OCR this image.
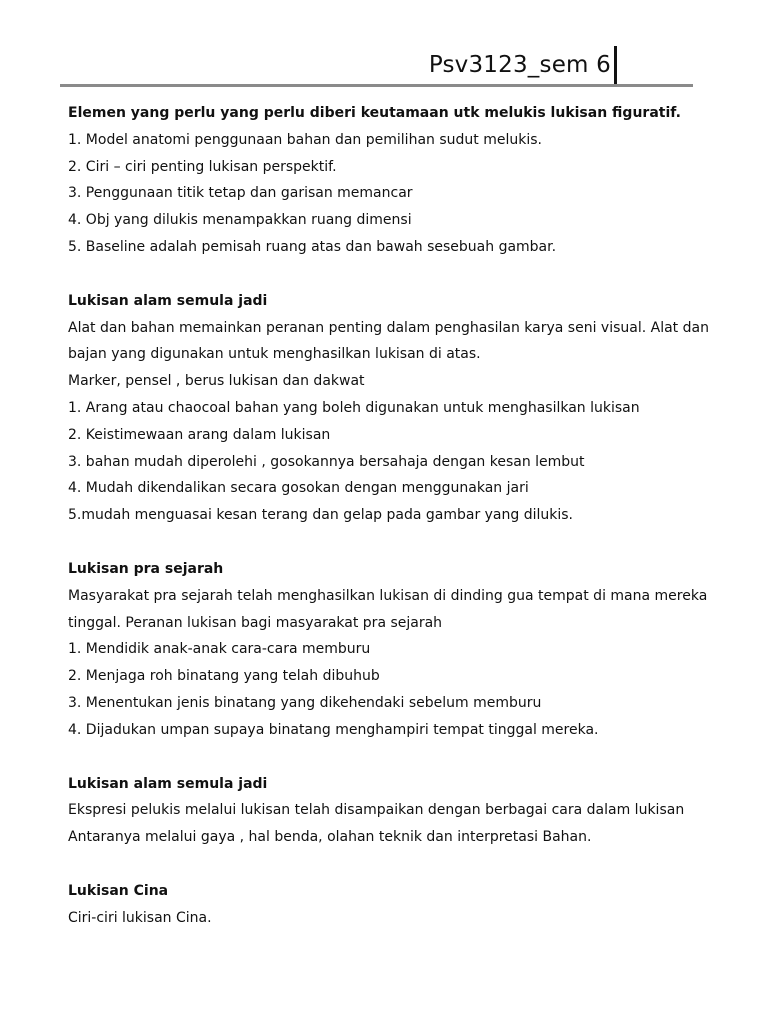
Psv3123_sem 6
Elemen yang perlu yang perlu diberi keutamaan utk melukis lukisan figuratif.
1. Model anatomi penggunaan bahan dan pemilihan sudut melukis.
2. Ciri – ciri penting lukisan perspektif.
3. Penggunaan titik tetap dan garisan memancar
4. Obj yang dilukis menampakkan ruang dimensi
5. Baseline adalah pemisah ruang atas dan bawah sesebuah gambar.
Lukisan alam semula jadi
Alat dan bahan memainkan peranan penting dalam penghasilan karya seni visual. Alat dan
bajan yang digunakan untuk menghasilkan lukisan di atas.
Marker, pensel , berus lukisan dan dakwat
1. Arang atau chaocoal bahan yang boleh digunakan untuk menghasilkan lukisan
2. Keistimewaan arang dalam lukisan
3. bahan mudah diperolehi , gosokannya bersahaja dengan kesan lembut
4. Mudah dikendalikan secara gosokan dengan menggunakan jari
5.mudah menguasai kesan terang dan gelap pada gambar yang dilukis.
Lukisan pra sejarah
Masyarakat pra sejarah telah menghasilkan lukisan di dinding gua tempat di mana mereka
tinggal. Peranan lukisan bagi masyarakat pra sejarah
1. Mendidik anak-anak cara-cara memburu
2. Menjaga roh binatang yang telah dibuhub
3. Menentukan jenis binatang yang dikehendaki sebelum memburu
4. Dijadukan umpan supaya binatang menghampiri tempat tinggal mereka.
Lukisan alam semula jadi
Ekspresi pelukis melalui lukisan telah disampaikan dengan berbagai cara dalam lukisan
Antaranya melalui gaya , hal benda, olahan teknik dan interpretasi Bahan.
Lukisan Cina
Ciri-ciri lukisan Cina.
